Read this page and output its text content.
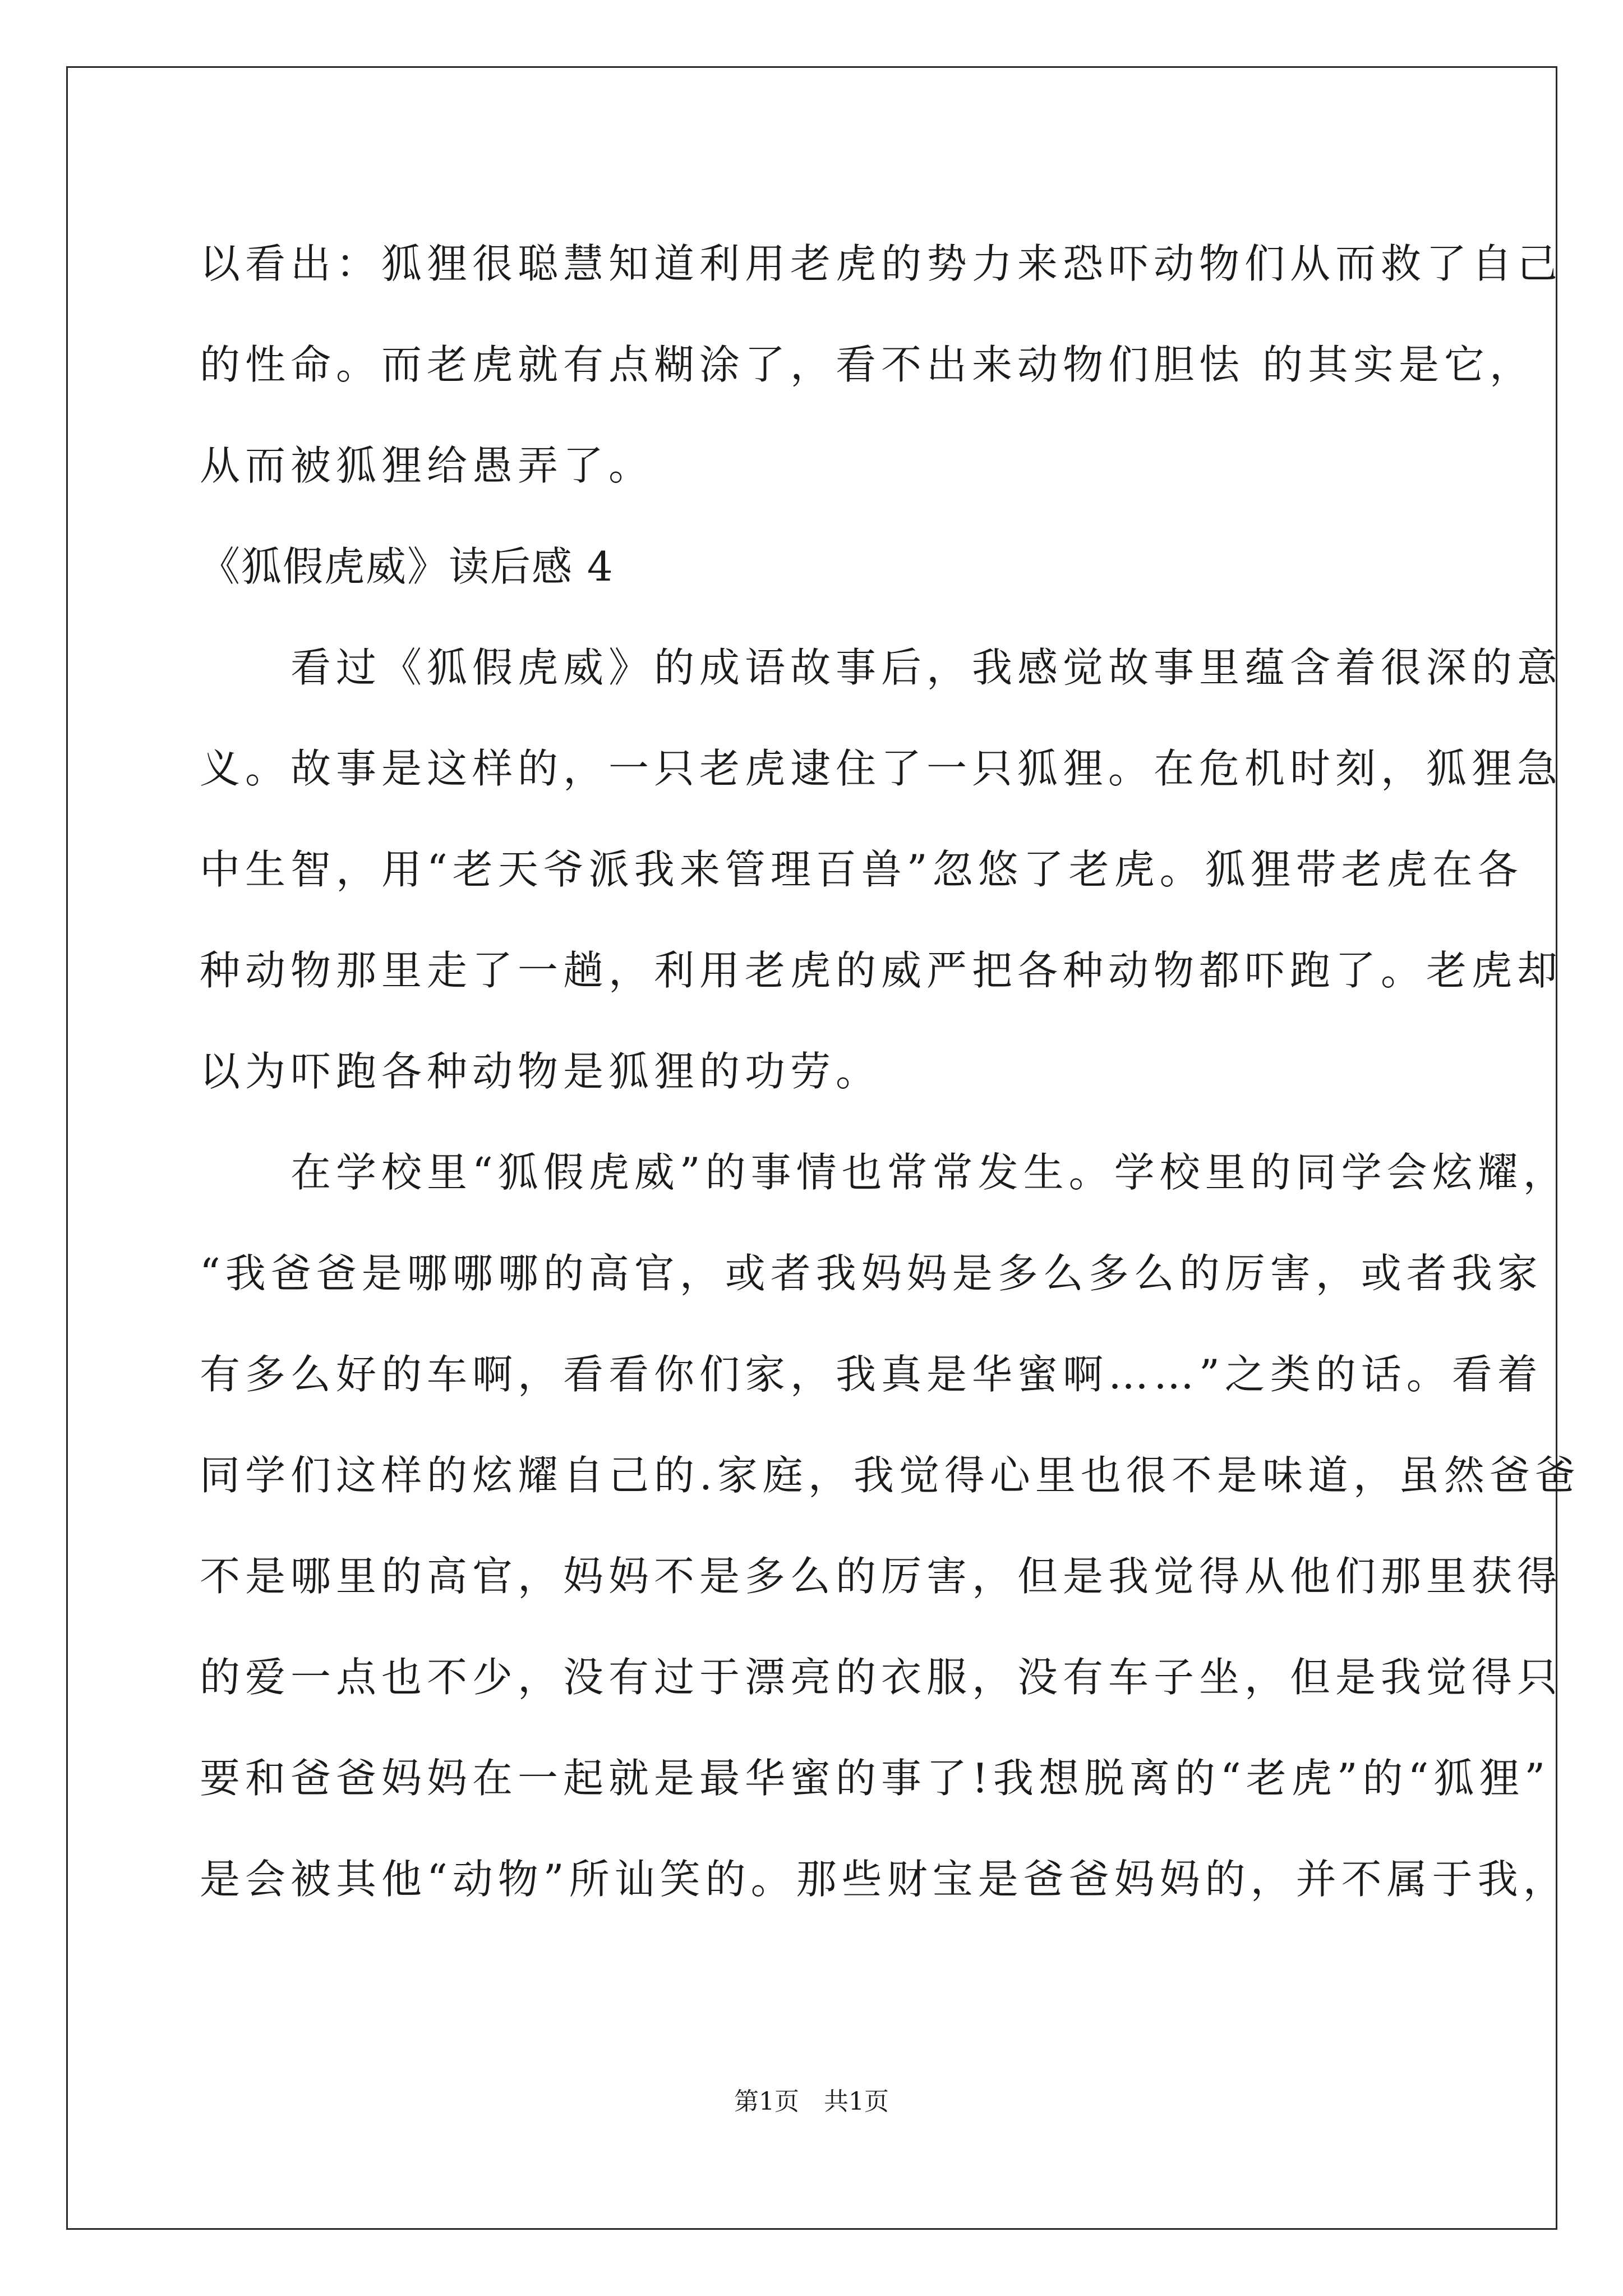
以看出：狐狸很聪慧知道利用老虎的势力来恐吓动物们从而救了自己
的性命。而老虎就有点糊涂了，看不出来动物们胆怯 的其实是它，
从而被狐狸给愚弄了。
《狐假虎威》读后感 4
　　看过《狐假虎威》的成语故事后，我感觉故事里蕴含着很深的意
义。故事是这样的，一只老虎逮住了一只狐狸。在危机时刻，狐狸急
中生智，用“老天爷派我来管理百兽”忽悠了老虎。狐狸带老虎在各
种动物那里走了一趟，利用老虎的威严把各种动物都吓跑了。老虎却
以为吓跑各种动物是狐狸的功劳。
　　在学校里“狐假虎威”的事情也常常发生。学校里的同学会炫耀，
“我爸爸是哪哪哪的高官，或者我妈妈是多么多么的厉害，或者我家
有多么好的车啊，看看你们家，我真是华蜜啊……”之类的话。看着
同学们这样的炫耀自己的.家庭，我觉得心里也很不是味道，虽然爸爸
不是哪里的高官，妈妈不是多么的厉害，但是我觉得从他们那里获得
的爱一点也不少，没有过于漂亮的衣服，没有车子坐，但是我觉得只
要和爸爸妈妈在一起就是最华蜜的事了!我想脱离的“老虎”的“狐狸”
是会被其他“动物”所讪笑的。那些财宝是爸爸妈妈的，并不属于我，
第1页　共1页
